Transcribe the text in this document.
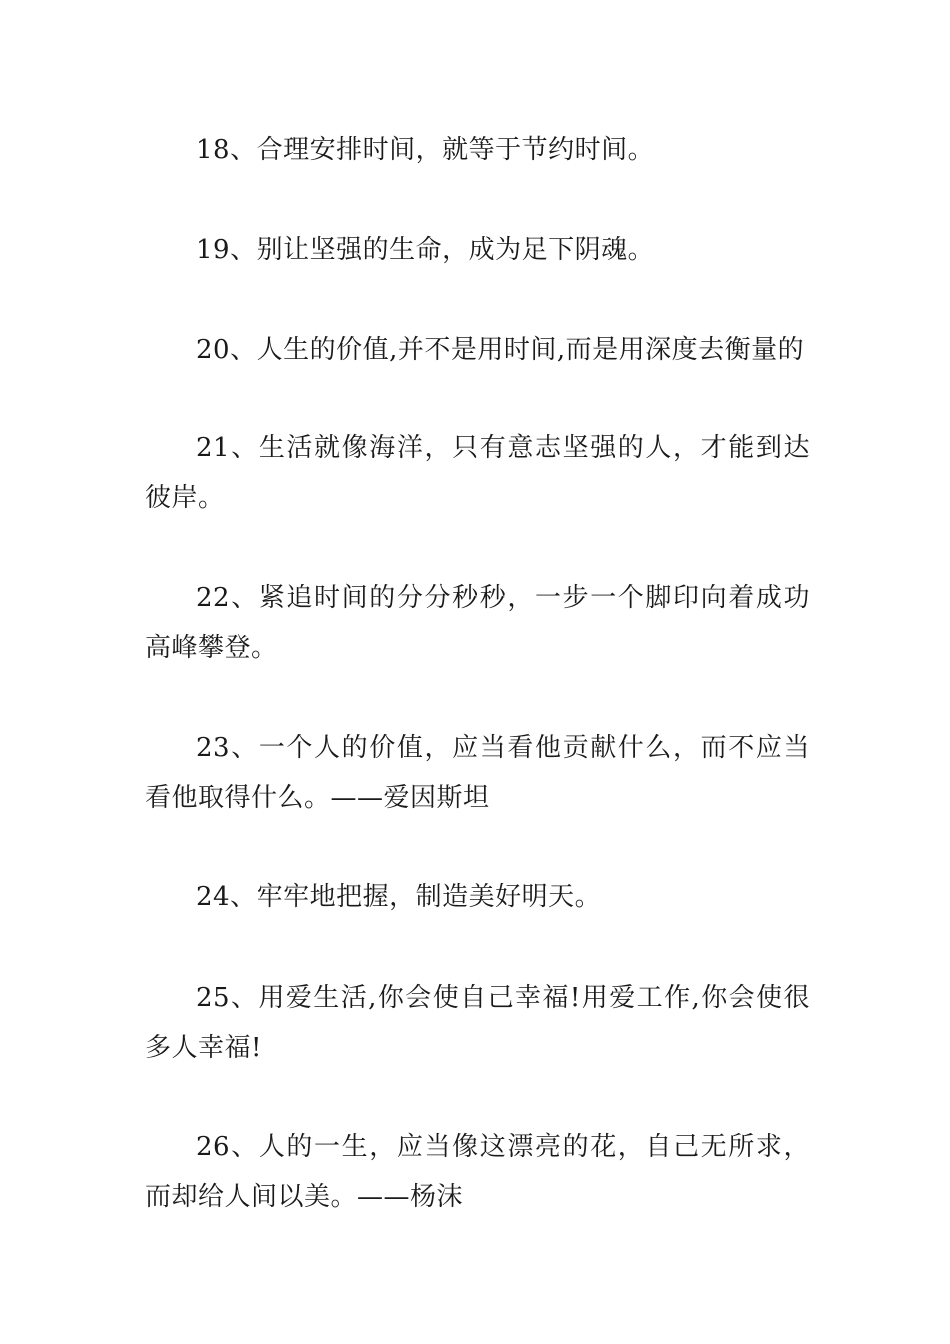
18、合理安排时间，就等于节约时间。

19、别让坚强的生命，成为足下阴魂。

20、人生的价值,并不是用时间,而是用深度去衡量的

21、生活就像海洋，只有意志坚强的人，才能到达彼岸。

22、紧追时间的分分秒秒，一步一个脚印向着成功高峰攀登。

23、一个人的价值，应当看他贡献什么，而不应当看他取得什么。——爱因斯坦

24、牢牢地把握，制造美好明天。

25、用爱生活,你会使自己幸福!用爱工作,你会使很多人幸福!

26、人的一生，应当像这漂亮的花，自己无所求，而却给人间以美。——杨沫
